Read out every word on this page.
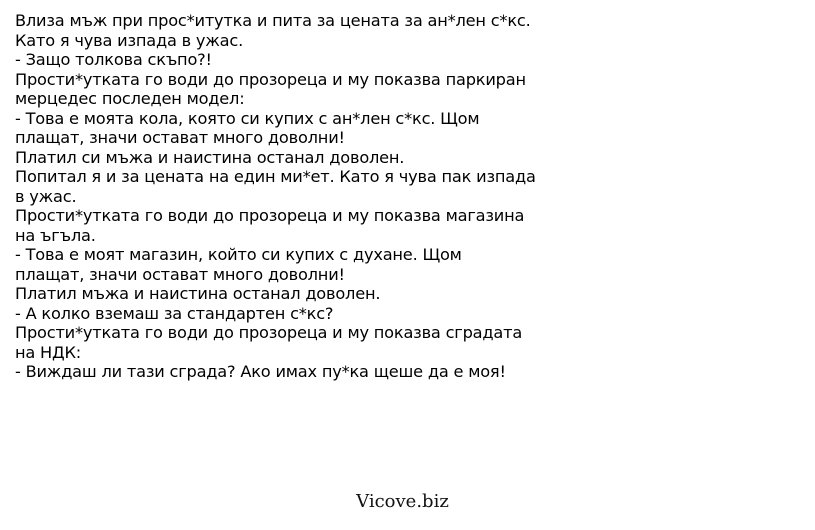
Влиза мъж при прос*итутка и пита за цената за ан*лен с*кс.
Като я чува изпада в ужас.
- Защо толкова скъпо?!
Прости*утката го води до прозореца и му показва паркиран
мерцедес последен модел:
- Това е моята кола, която си купих с ан*лен с*кс. Щом
плащат, значи остават много доволни!
Платил си мъжа и наистина останал доволен.
Попитал я и за цената на един ми*ет. Като я чува пак изпада
в ужас.
Прости*утката го води до прозореца и му показва магазина
на ъгъла.
- Това е моят магазин, който си купих с духане. Щом
плащат, значи остават много доволни!
Платил мъжа и наистина останал доволен.
- А колко вземаш за стандартен с*кс?
Прости*утката го води до прозореца и му показва сградата
на НДК:
- Виждаш ли тази сграда? Ако имах пу*ка щеше да е моя!
Vicove.biz
